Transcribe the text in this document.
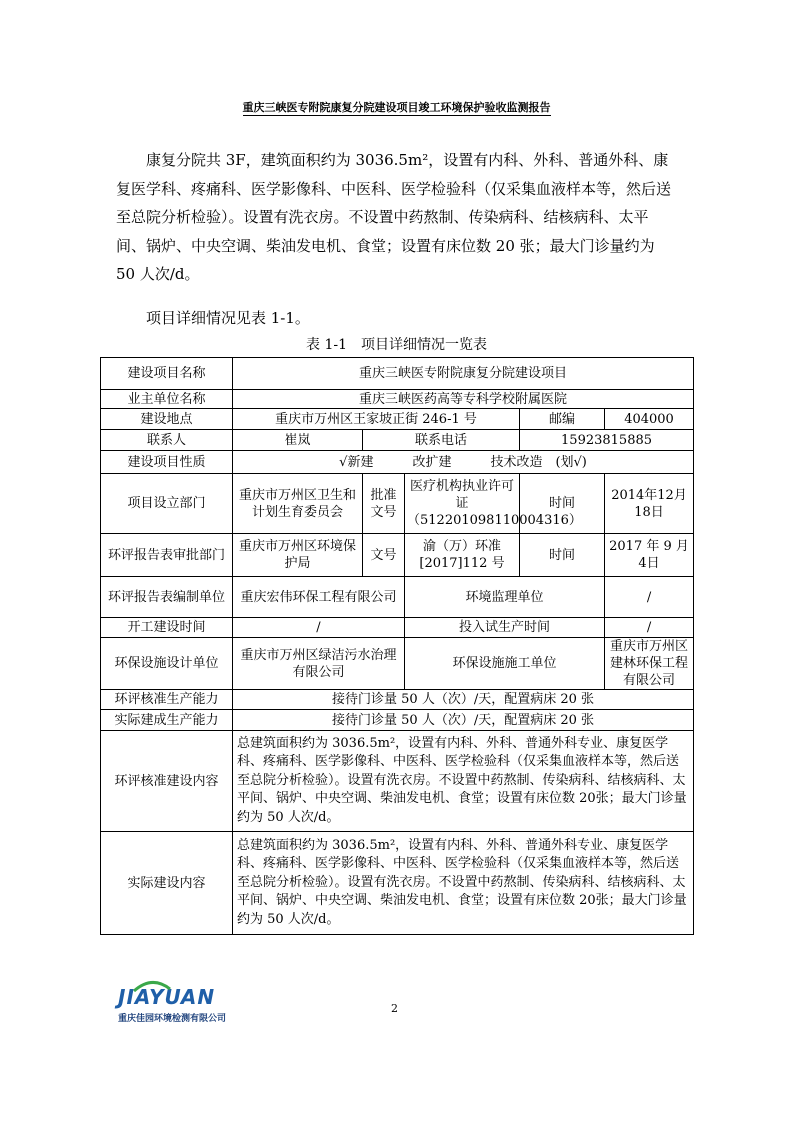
重庆三峡医专附院康复分院建设项目竣工环境保护验收监测报告
康复分院共 3F，建筑面积约为 3036.5m²，设置有内科、外科、普通外科、康复医学科、疼痛科、医学影像科、中医科、医学检验科（仅采集血液样本等，然后送至总院分析检验）。设置有洗衣房。不设置中药熬制、传染病科、结核病科、太平间、锅炉、中央空调、柴油发电机、食堂；设置有床位数 20 张；最大门诊量约为 50 人次/d。
项目详细情况见表 1-1。
表 1-1　项目详细情况一览表
建设项目名称	重庆三峡医专附院康复分院建设项目				
业主单位名称	重庆三峡医药高等专科学校附属医院				
建设地点	重庆市万州区王家坡正街 246-1 号			邮编	404000
联系人	崔岚	联系电话		15923815885	
建设项目性质	√新建　　　改扩建　　　技术改造　(划√)				
项目设立部门	重庆市万州区卫生和计划生育委员会	批准文号	医疗机构执业许可证（512201098110004316）	时间	2014年12月18日
环评报告表审批部门	重庆市万州区环境保护局	文号	渝（万）环准[2017]112 号	时间	2017 年 9 月 4日
环评报告表编制单位	重庆宏伟环保工程有限公司		环境监理单位		/
开工建设时间	/		投入试生产时间		/
环保设施设计单位	重庆市万州区绿洁污水治理有限公司		环保设施施工单位		重庆市万州区建林环保工程有限公司
环评核准生产能力	接待门诊量 50 人（次）/天，配置病床 20 张				
实际建成生产能力	接待门诊量 50 人（次）/天，配置病床 20 张				
环评核准建设内容	总建筑面积约为 3036.5m²，设置有内科、外科、普通外科专业、康复医学科、疼痛科、医学影像科、中医科、医学检验科（仅采集血液样本等，然后送至总院分析检验）。设置有洗衣房。不设置中药熬制、传染病科、结核病科、太平间、锅炉、中央空调、柴油发电机、食堂；设置有床位数 20张；最大门诊量约为 50 人次/d。				
实际建设内容	总建筑面积约为 3036.5m²，设置有内科、外科、普通外科专业、康复医学科、疼痛科、医学影像科、中医科、医学检验科（仅采集血液样本等，然后送至总院分析检验）。设置有洗衣房。不设置中药熬制、传染病科、结核病科、太平间、锅炉、中央空调、柴油发电机、食堂；设置有床位数 20张；最大门诊量约为 50 人次/d。				
JIAYUAN
重庆佳园环境检测有限公司
2
